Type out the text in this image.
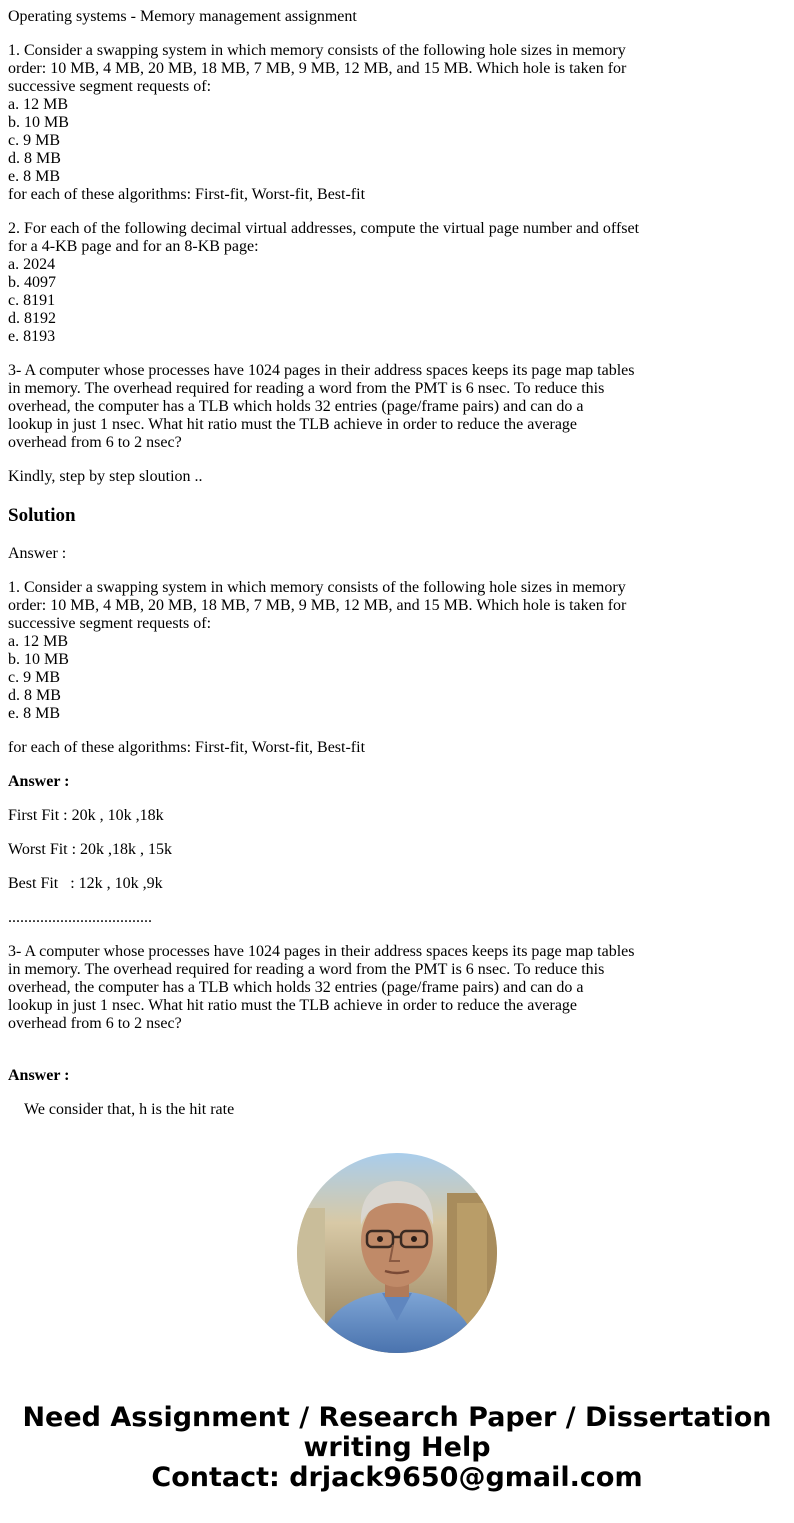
Operating systems - Memory management assignment
1. Consider a swapping system in which memory consists of the following hole sizes in memory
order: 10 MB, 4 MB, 20 MB, 18 MB, 7 MB, 9 MB, 12 MB, and 15 MB. Which hole is taken for
successive segment requests of:
a. 12 MB
b. 10 MB
c. 9 MB
d. 8 MB
e. 8 MB
for each of these algorithms: First-fit, Worst-fit, Best-fit
2. For each of the following decimal virtual addresses, compute the virtual page number and offset
for a 4-KB page and for an 8-KB page:
a. 2024
b. 4097
c. 8191
d. 8192
e. 8193
3- A computer whose processes have 1024 pages in their address spaces keeps its page map tables
in memory. The overhead required for reading a word from the PMT is 6 nsec. To reduce this
overhead, the computer has a TLB which holds 32 entries (page/frame pairs) and can do a
lookup in just 1 nsec. What hit ratio must the TLB achieve in order to reduce the average
overhead from 6 to 2 nsec?
Kindly, step by step sloution ..
Solution
Answer :
1. Consider a swapping system in which memory consists of the following hole sizes in memory
order: 10 MB, 4 MB, 20 MB, 18 MB, 7 MB, 9 MB, 12 MB, and 15 MB. Which hole is taken for
successive segment requests of:
a. 12 MB
b. 10 MB
c. 9 MB
d. 8 MB
e. 8 MB
for each of these algorithms: First-fit, Worst-fit, Best-fit
Answer :
First Fit : 20k , 10k ,18k
Worst Fit : 20k ,18k , 15k
Best Fit   : 12k , 10k ,9k
....................................
3- A computer whose processes have 1024 pages in their address spaces keeps its page map tables
in memory. The overhead required for reading a word from the PMT is 6 nsec. To reduce this
overhead, the computer has a TLB which holds 32 entries (page/frame pairs) and can do a
lookup in just 1 nsec. What hit ratio must the TLB achieve in order to reduce the average
overhead from 6 to 2 nsec?
Answer :
We consider that, h is the hit rate
Need Assignment / Research Paper / Dissertation
writing Help
Contact: drjack9650@gmail.com
